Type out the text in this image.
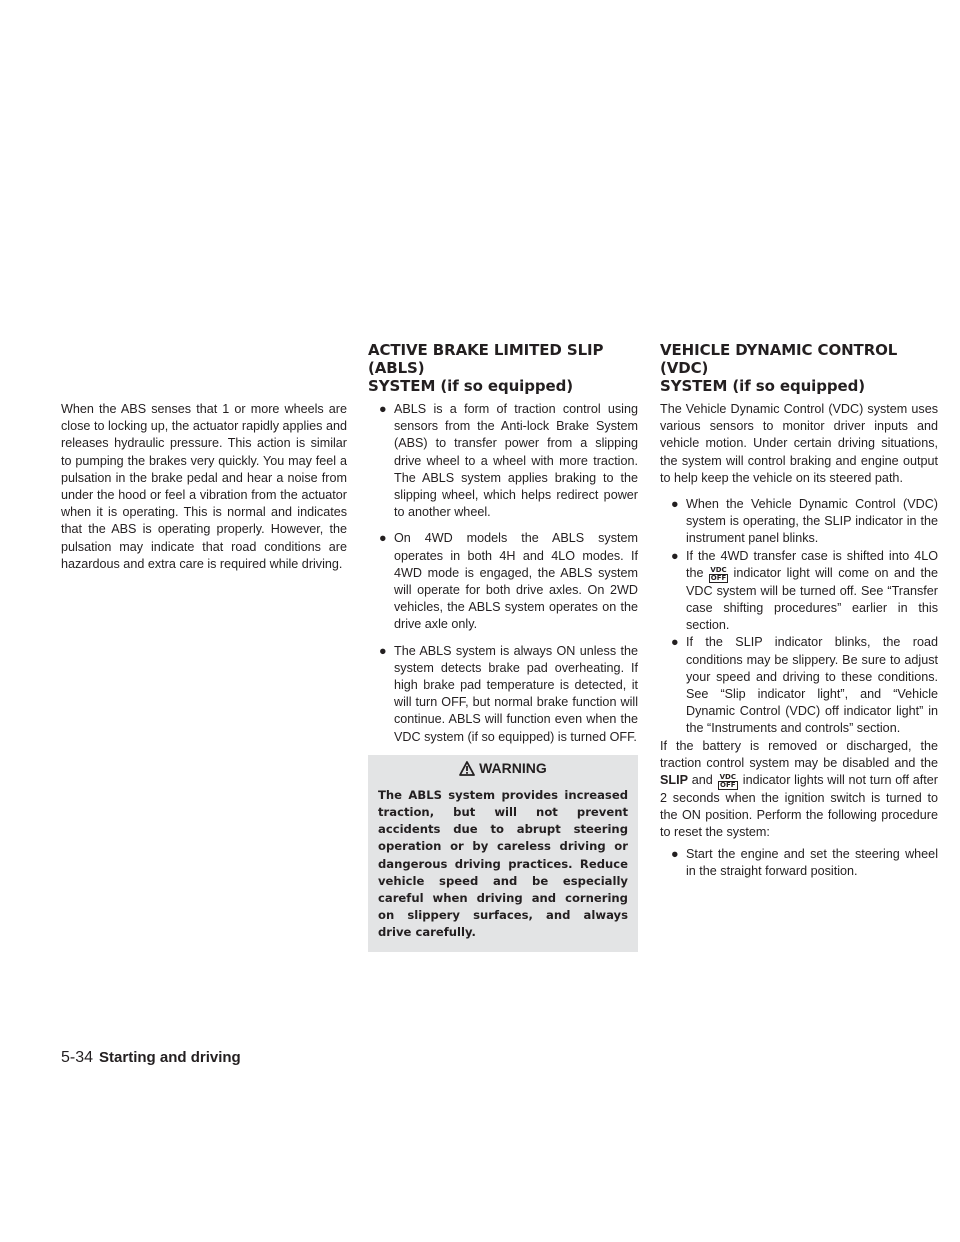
When the ABS senses that 1 or more wheels are close to locking up, the actuator rapidly applies and releases hydraulic pressure. This action is similar to pumping the brakes very quickly. You may feel a pulsation in the brake pedal and hear a noise from under the hood or feel a vibration from the actuator when it is operating. This is normal and indicates that the ABS is operating properly. However, the pulsation may indicate that road conditions are hazardous and extra care is required while driving.

ACTIVE BRAKE LIMITED SLIP (ABLS)
SYSTEM (if so equipped)
● ABLS is a form of traction control using sensors from the Anti-lock Brake System (ABS) to transfer power from a slipping drive wheel to a wheel with more traction. The ABLS system applies braking to the slipping wheel, which helps redirect power to another wheel.
● On 4WD models the ABLS system operates in both 4H and 4LO modes. If 4WD mode is engaged, the ABLS system will operate for both drive axles. On 2WD vehicles, the ABLS system operates on the drive axle only.
● The ABLS system is always ON unless the system detects brake pad overheating. If high brake pad temperature is detected, it will turn OFF, but normal brake function will continue. ABLS will function even when the VDC system (if so equipped) is turned OFF.
WARNING
The ABLS system provides increased traction, but will not prevent accidents due to abrupt steering operation or by careless driving or dangerous driving practices. Reduce vehicle speed and be especially careful when driving and cornering on slippery surfaces, and always drive carefully.
VEHICLE DYNAMIC CONTROL (VDC)
SYSTEM (if so equipped)

The Vehicle Dynamic Control (VDC) system uses various sensors to monitor driver inputs and vehicle motion. Under certain driving situations, the system will control braking and engine output to help keep the vehicle on its steered path.

● When the Vehicle Dynamic Control (VDC) system is operating, the SLIP indicator in the instrument panel blinks.

● If the 4WD transfer case is shifted into 4LO the VDC
OFF indicator light will come on and the VDC system will be turned off. See “Transfer case shifting procedures” earlier in this section.

● If the SLIP indicator blinks, the road conditions may be slippery. Be sure to adjust your speed and driving to these conditions. See “Slip indicator light”, and “Vehicle Dynamic Control (VDC) off indicator light” in the “Instruments and controls” section.

If the battery is removed or discharged, the traction control system may be disabled and the SLIP and VDC
OFF indicator lights will not turn off after 2 seconds when the ignition switch is turned to the ON position. Perform the following procedure to reset the system:

● Start the engine and set the steering wheel in the straight forward position.

5-34 Starting and driving
